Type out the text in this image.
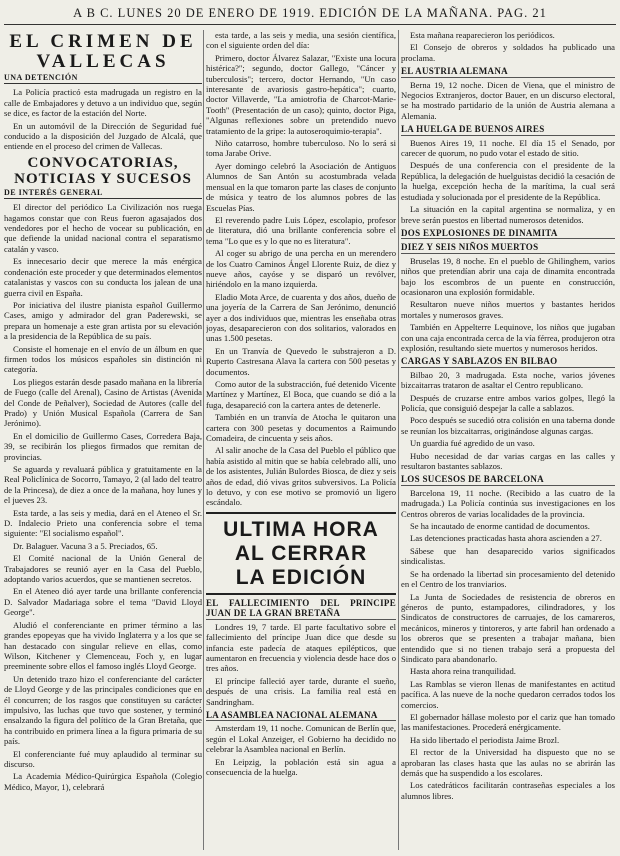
A B C. LUNES 20 DE ENERO DE 1919. EDICIÓN DE LA MAÑANA. PAG. 21
EL CRIMEN DE VALLECAS
UNA DETENCIÓN

La Policía practicó esta madrugada un registro en la calle de Embajadores y detuvo a un individuo que, según se dice, es factor de la estación del Norte.

En un automóvil de la Dirección de Seguridad fué conducido a la disposición del Juzgado de Alcalá, que entiende en el proceso del crimen de Vallecas.

CONVOCATORIAS, NOTICIAS Y SUCESOS
DE INTERÉS GENERAL

El director del periódico La Civilización nos ruega hagamos constar que con Reus fueron agasajados dos vendedores por el hecho de vocear su publicación, en que defiende la unidad nacional contra el separatismo catalán y vasco.

Es innecesario decir que merece la más enérgica condenación este proceder y que determinados elementos catalanistas y vascos con su conducta los jalean de una guerra civil en España.

Por iniciativa del ilustre pianista español Guillermo Cases, amigo y admirador del gran Paderewski, se prepara un homenaje a este gran artista por su elevación a la presidencia de la República de su país.

Consiste el homenaje en el envío de un álbum en que firmen todos los músicos españoles sin distinción ni categoría.

Los pliegos estarán desde pasado mañana en la librería de Fuego (calle del Arenal), Casino de Artistas (Avenida del Conde de Peñalver), Sociedad de Autores (calle del Prado) y Unión Musical Española (Carrera de San Jerónimo).

En el domicilio de Guillermo Cases, Corredera Baja, 39, se recibirán los pliegos firmados que remitan de provincias.

Se aguarda y revaluará pública y gratuitamente en la Real Policlínica de Socorro, Tamayo, 2 (al lado del teatro de la Princesa), de diez a once de la mañana, hoy lunes y el jueves 23.

Esta tarde, a las seis y media, dará en el Ateneo el Sr. D. Indalecio Prieto una conferencia sobre el tema siguiente: "El socialismo español".

Dr. Balaguer. Vacuna 3 a 5. Preciados, 65.

El Comité nacional de la Unión General de Trabajadores se reunió ayer en la Casa del Pueblo, adoptando varios acuerdos, que se mantienen secretos.

En el Ateneo dió ayer tarde una brillante conferencia D. Salvador Madariaga sobre el tema "David Lloyd George".

Aludió el conferenciante en primer término a las grandes epopeyas que ha vivido Inglaterra y a los que se han destacado con singular relieve en ellas, como Wilson, Kitchener y Clemenceau, Foch y, en lugar preeminente sobre ellos el famoso inglés Lloyd George.

Un detenido trazo hizo el conferenciante del carácter de Lloyd George y de las principales condiciones que en él concurren; de los rasgos que constituyen su carácter impulsivo, las luchas que tuvo que sostener, y terminó ensalzando la figura del político de la Gran Bretaña, que ha contribuido en primera línea a la figura primaria de su país.

El conferenciante fué muy aplaudido al terminar su discurso.

La Academia Médico-Quirúrgica Española (Colegio Médico, Mayor, 1), celebrará

esta tarde, a las seis y media, una sesión científica, con el siguiente orden del día:

Primero, doctor Álvarez Salazar, "Existe una locura histérica?"; segundo, doctor Gallego, "Cáncer y tuberculosis"; tercero, doctor Hernando, "Un caso interesante de avariosis gastro-hepática"; cuarto, doctor Villaverde, "La amiotrofia de Charcot-Marie-Tooth" (Presentación de un caso); quinto, doctor Piga, "Algunas reflexiones sobre un pretendido nuevo tratamiento de la gripe: la autoseroquimio-terapia".

Niño catarroso, hombre tuberculoso. No lo será si toma Jarabe Orive.

Ayer domingo celebró la Asociación de Antiguos Alumnos de San Antón su acostumbrada velada mensual en la que tomaron parte las clases de conjunto de música y teatro de los alumnos pobres de las Escuelas Pías.

El reverendo padre Luis López, escolapio, profesor de literatura, dió una brillante conferencia sobre el tema "Lo que es y lo que no es literatura".

Al coger su abrigo de una percha en un merendero de los Cuatro Caminos Ángel Llorente Ruiz, de diez y nueve años, cayóse y se disparó un revólver, hiriéndolo en la mano izquierda.

Eladio Mota Arce, de cuarenta y dos años, dueño de una joyería de la Carrera de San Jerónimo, denunció ayer a dos individuos que, mientras les enseñaba otras joyas, desaparecieron con dos solitarios, valorados en unas 1.500 pesetas.

En un Tranvía de Quevedo le substrajeron a D. Ruperto Castresana Alava la cartera con 500 pesetas y documentos.

Como autor de la substracción, fué detenido Vicente Martínez y Martínez, El Boca, que cuando se dió a la fuga, desapareció con la cartera antes de detenerle.

También en un tranvía de Atocha le quitaron una cartera con 300 pesetas y documentos a Raimundo Comadeira, de cincuenta y seis años.

Al salir anoche de la Casa del Pueblo el público que había asistido al mitin que se había celebrado allí, uno de los asistentes, Julián Bulordes Biosca, de diez y seis años de edad, dió vivas gritos subversivos. La Policía lo detuvo, y con ese motivo se promovió un ligero escándalo.

ULTIMA HORA
AL CERRAR
LA EDICIÓN
EL FALLECIMIENTO DEL PRINCIPE JUAN DE LA GRAN BRETAÑA

Londres 19, 7 tarde. El parte facultativo sobre el fallecimiento del príncipe Juan dice que desde su infancia este padecía de ataques epilépticos, que aumentaron en frecuencia y violencia desde hace dos o tres años.

El príncipe falleció ayer tarde, durante el sueño, después de una crisis. La familia real está en Sandringham.

LA ASAMBLEA NACIONAL ALEMANA

Amsterdam 19, 11 noche. Comunican de Berlín que, según el Lokal Anzeiger, el Gobierno ha decidido no celebrar la Asamblea nacional en Berlín.

En Leipzig, la población está sin agua a consecuencia de la huelga.

Esta mañana reaparecieron los periódicos.

El Consejo de obreros y soldados ha publicado una proclama.

EL AUSTRIA ALEMANA

Berna 19, 12 noche. Dicen de Viena, que el ministro de Negocios Extranjeros, doctor Bauer, en un discurso electoral, se ha mostrado partidario de la unión de Austria alemana a Alemania.

LA HUELGA DE BUENOS AIRES

Buenos Aires 19, 11 noche. El día 15 el Senado, por carecer de quorum, no pudo votar el estado de sitio.

Después de una conferencia con el presidente de la República, la delegación de huelguistas decidió la cesación de la huelga, excepción hecha de la marítima, la cual será estudiada y solucionada por el presidente de la República.

La situación en la capital argentina se normaliza, y en breve serán puestos en libertad numerosos detenidos.

DOS EXPLOSIONES DE DINAMITA
DIEZ Y SEIS NIÑOS MUERTOS

Bruselas 19, 8 noche. En el pueblo de Ghilinghem, varios niños que pretendían abrir una caja de dinamita encontrada bajo los escombros de un puente en construcción, ocasionaron una explosión formidable.

Resultaron nueve niños muertos y bastantes heridos mortales y numerosos graves.

También en Appelterre Lequinove, los niños que jugaban con una caja encontrada cerca de la vía férrea, produjeron otra explosión, resultando siete muertos y numerosos heridos.

CARGAS Y SABLAZOS EN BILBAO

Bilbao 20, 3 madrugada. Esta noche, varios jóvenes bizcaitarras trataron de asaltar el Centro republicano.

Después de cruzarse entre ambos varios golpes, llegó la Policía, que consiguió despejar la calle a sablazos.

Poco después se sucedió otra colisión en una taberna donde se reunían los bizcaitarras, originándose algunas cargas.

Un guardia fué agredido de un vaso.

Hubo necesidad de dar varias cargas en las calles y resultaron bastantes sablazos.

LOS SUCESOS DE BARCELONA

Barcelona 19, 11 noche. (Recibido a las cuatro de la madrugada.) La Policía continúa sus investigaciones en los Centros obreros de varias localidades de la provincia.

Se ha incautado de enorme cantidad de documentos.

Las detenciones practicadas hasta ahora ascienden a 27.

Sábese que han desaparecido varios significados sindicalistas.

Se ha ordenado la libertad sin procesamiento del detenido en el Centro de los tranviarios.

La Junta de Sociedades de resistencia de obreros en géneros de punto, estampadores, cilindradores, y los Sindicatos de constructores de carruajes, de los camareros, mecánicos, mineros y tintoreros, y arte fabril han ordenado a los obreros que se presenten a trabajar mañana, bien entendido que si no tienen trabajo será a propuesta del Sindicato para abandonarlo.

Hasta ahora reina tranquilidad.

Las Ramblas se vieron llenas de manifestantes en actitud pacífica. A las nueve de la noche quedaron cerrados todos los comercios.

El gobernador hállase molesto por el cariz que han tomado las manifestaciones. Procederá enérgicamente.

Ha sido libertado el periodista Jaime Brozl.

El rector de la Universidad ha dispuesto que no se aprobaran las clases hasta que las aulas no se abrirán las demás que ha suspendido a los escolares.

Los catedráticos facilitarán contraseñas especiales a los alumnos libres.
